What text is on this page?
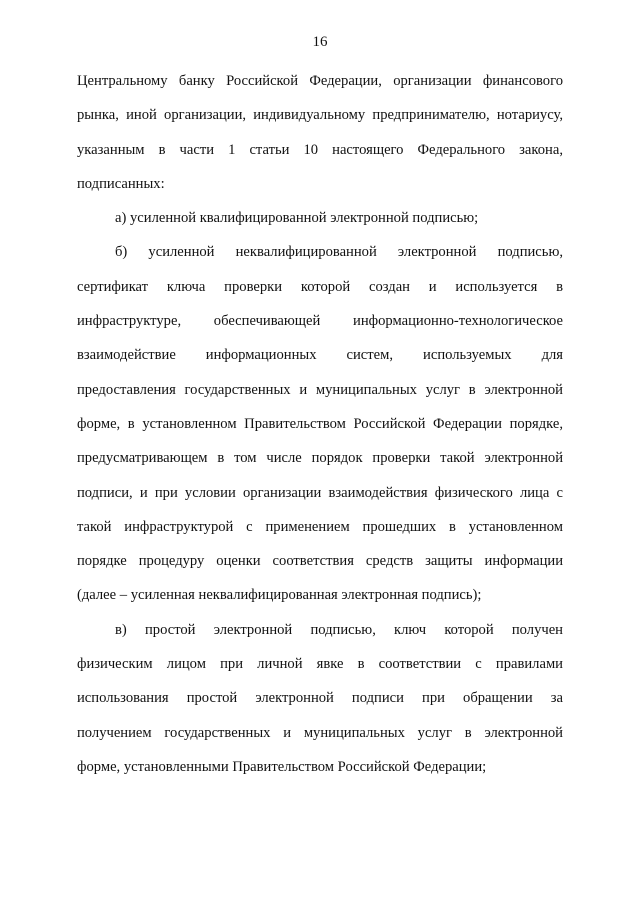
16
Центральному банку Российской Федерации, организации финансового
рынка, иной организации, индивидуальному предпринимателю, нотариусу,
указанным в части 1 статьи 10 настоящего Федерального закона,
подписанных:
а) усиленной квалифицированной электронной подписью;
б) усиленной неквалифицированной электронной подписью,
сертификат ключа проверки которой создан и используется в
инфраструктуре, обеспечивающей информационно-технологическое
взаимодействие информационных систем, используемых для
предоставления государственных и муниципальных услуг в электронной
форме, в установленном Правительством Российской Федерации порядке,
предусматривающем в том числе порядок проверки такой электронной
подписи, и при условии организации взаимодействия физического лица с
такой инфраструктурой с применением прошедших в установленном
порядке процедуру оценки соответствия средств защиты информации
(далее – усиленная неквалифицированная электронная подпись);
в) простой электронной подписью, ключ которой получен
физическим лицом при личной явке в соответствии с правилами
использования простой электронной подписи при обращении за
получением государственных и муниципальных услуг в электронной
форме, установленными Правительством Российской Федерации;
